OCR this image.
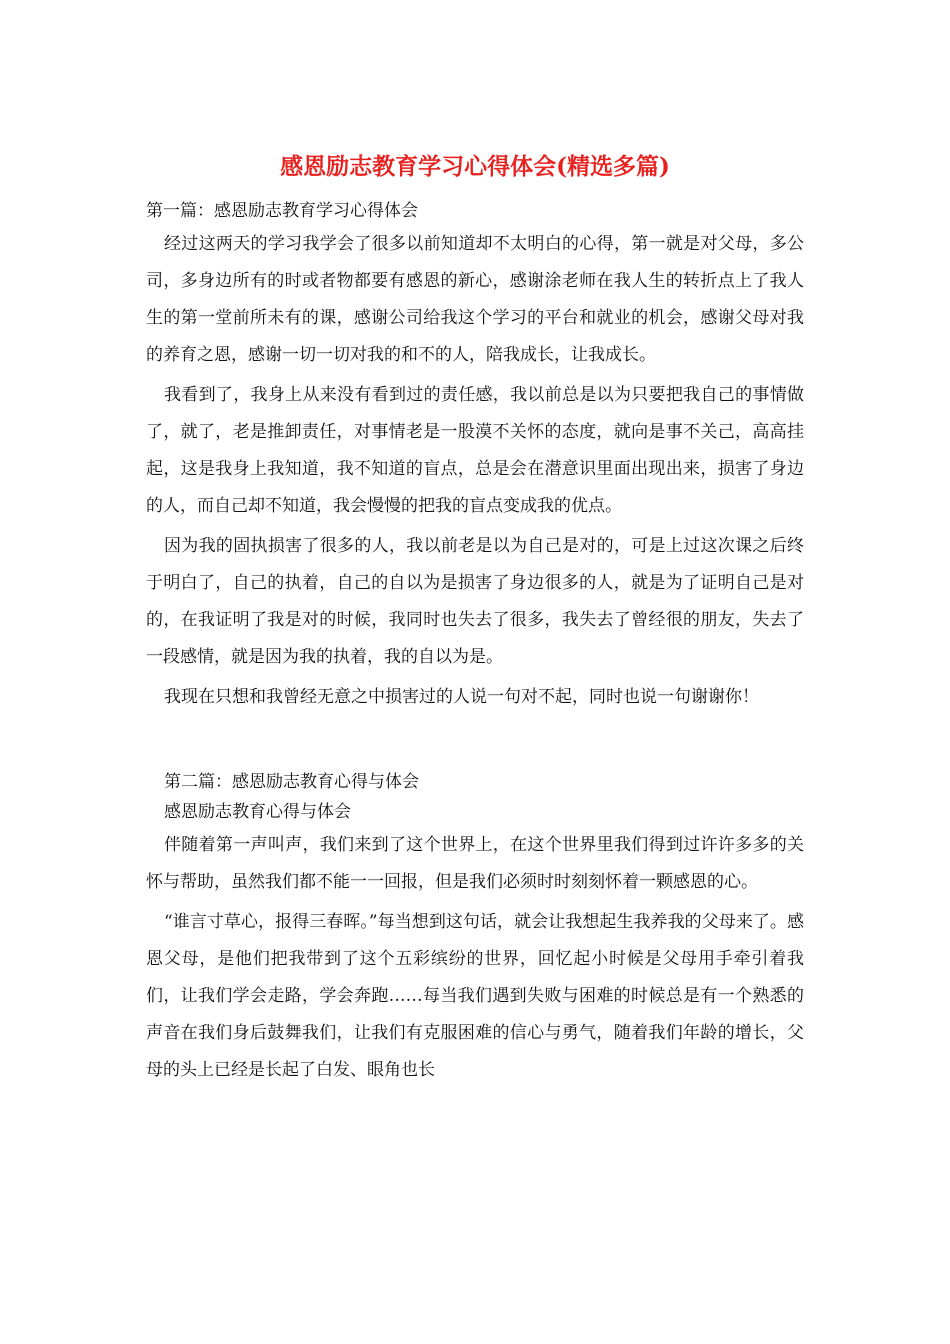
感恩励志教育学习心得体会(精选多篇)

第一篇：感恩励志教育学习心得体会

经过这两天的学习我学会了很多以前知道却不太明白的心得，第一就是对父母，多公司，多身边所有的时或者物都要有感恩的新心，感谢涂老师在我人生的转折点上了我人生的第一堂前所未有的课，感谢公司给我这个学习的平台和就业的机会，感谢父母对我的养育之恩，感谢一切一切对我的和不的人，陪我成长，让我成长。

我看到了，我身上从来没有看到过的责任感，我以前总是以为只要把我自己的事情做了，就了，老是推卸责任，对事情老是一股漠不关怀的态度，就向是事不关己，高高挂起，这是我身上我知道，我不知道的盲点，总是会在潜意识里面出现出来，损害了身边的人，而自己却不知道，我会慢慢的把我的盲点变成我的优点。

因为我的固执损害了很多的人，我以前老是以为自己是对的，可是上过这次课之后终于明白了，自己的执着，自己的自以为是损害了身边很多的人，就是为了证明自己是对的，在我证明了我是对的时候，我同时也失去了很多，我失去了曾经很的朋友，失去了一段感情，就是因为我的执着，我的自以为是。

我现在只想和我曾经无意之中损害过的人说一句对不起，同时也说一句谢谢你！

第二篇：感恩励志教育心得与体会

感恩励志教育心得与体会

伴随着第一声叫声，我们来到了这个世界上，在这个世界里我们得到过许许多多的关怀与帮助，虽然我们都不能一一回报，但是我们必须时时刻刻怀着一颗感恩的心。

“谁言寸草心，报得三春晖。”每当想到这句话，就会让我想起生我养我的父母来了。感恩父母，是他们把我带到了这个五彩缤纷的世界，回忆起小时候是父母用手牵引着我们，让我们学会走路，学会奔跑……每当我们遇到失败与困难的时候总是有一个熟悉的声音在我们身后鼓舞我们，让我们有克服困难的信心与勇气，随着我们年龄的增长，父母的头上已经是长起了白发、眼角也长
